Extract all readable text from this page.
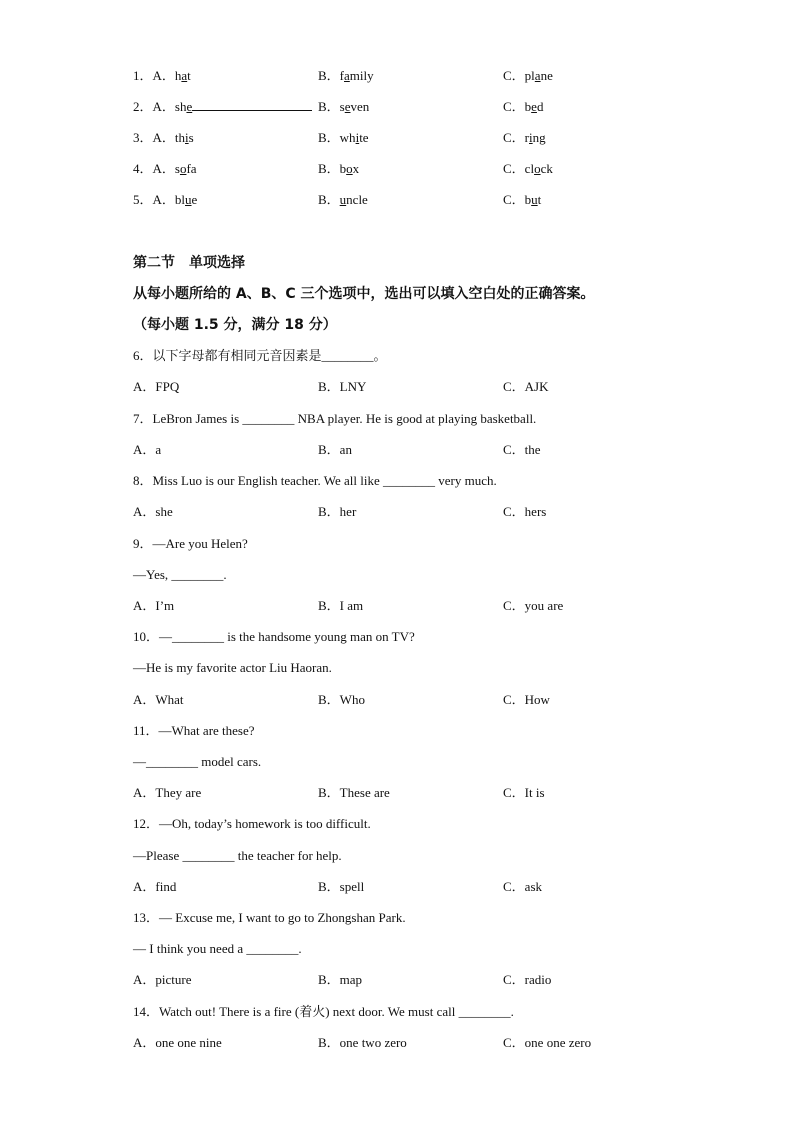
1．A．hat	B．family	C．plane
2．A．she	B．seven	C．bed
3．A．this	B．white	C．ring
4．A．sofa	B．box	C．clock
5．A．blue	B．uncle	C．but
第二节　单项选择
从每小题所给的 A、B、C 三个选项中，选出可以填入空白处的正确答案。
（每小题 1.5 分，满分 18 分）
6．以下字母都有相同元音因素是________。
A．FPQ	B．LNY	C．AJK
7．LeBron James is ________ NBA player. He is good at playing basketball.
A．a	B．an	C．the
8．Miss Luo is our English teacher. We all like ________ very much.
A．she	B．her	C．hers
9．—Are you Helen?
—Yes, ________.
A．I’m	B．I am	C．you are
10．—________ is the handsome young man on TV?
—He is my favorite actor Liu Haoran.
A．What	B．Who	C．How
11．—What are these?
—________ model cars.
A．They are	B．These are	C．It is
12．—Oh, today’s homework is too difficult.
—Please ________ the teacher for help.
A．find	B．spell	C．ask
13．— Excuse me, I want to go to Zhongshan Park.
— I think you need a ________.
A．picture	B．map	C．radio
14．Watch out! There is a fire (着火) next door. We must call ________.
A．one one nine	B．one two zero	C．one one zero
